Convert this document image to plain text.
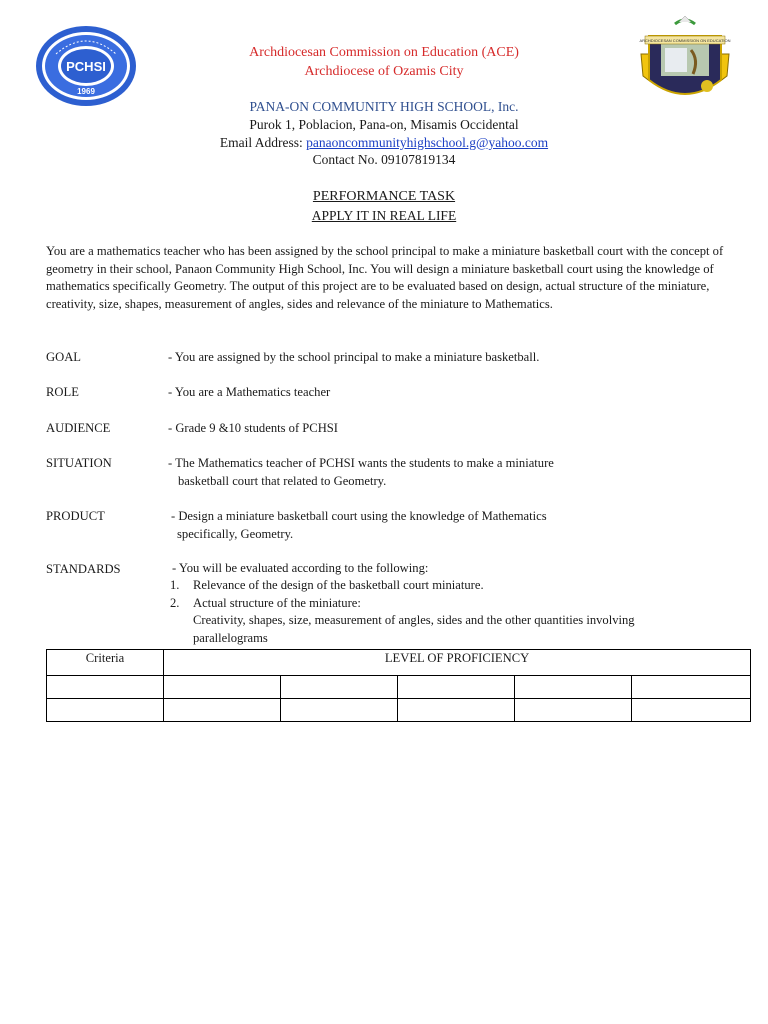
PCHSI
1969
ARCHDIOCESAN COMMISSION ON EDUCATION
Archdiocesan Commission on Education (ACE)
Archdiocese of Ozamis City
PANA-ON COMMUNITY HIGH SCHOOL, Inc.
Purok 1, Poblacion, Pana-on, Misamis Occidental
Email Address: panaoncommunityhighschool.g@yahoo.com
Contact No. 09107819134
PERFORMANCE TASK
APPLY IT IN REAL LIFE

You are a mathematics teacher who has been assigned by the school principal to make a miniature basketball court with the concept of geometry in their school, Panaon Community High School, Inc. You will design a miniature basketball court using the knowledge of mathematics specifically Geometry. The output of this project are to be evaluated based on design, actual structure of the miniature, creativity, size, shapes, measurement of angles, sides and relevance of the miniature to Mathematics.

GOAL	- You are assigned by the school principal to make a miniature basketball.
ROLE	- You are a Mathematics teacher
AUDIENCE	- Grade 9 &10 students of PCHSI
SITUATION	- The Mathematics teacher of PCHSI wants the students to make a miniature
basketball court that related to Geometry.
PRODUCT	- Design a miniature basketball court using the knowledge of Mathematics
specifically, Geometry.
STANDARDS	- You will be evaluated according to the following:
1. Relevance of the design of the basketball court miniature.
2. Actual structure of the miniature:
Creativity, shapes, size, measurement of angles, sides and the other quantities involving
parallelograms
Criteria	LEVEL OF PROFICIENCY				
